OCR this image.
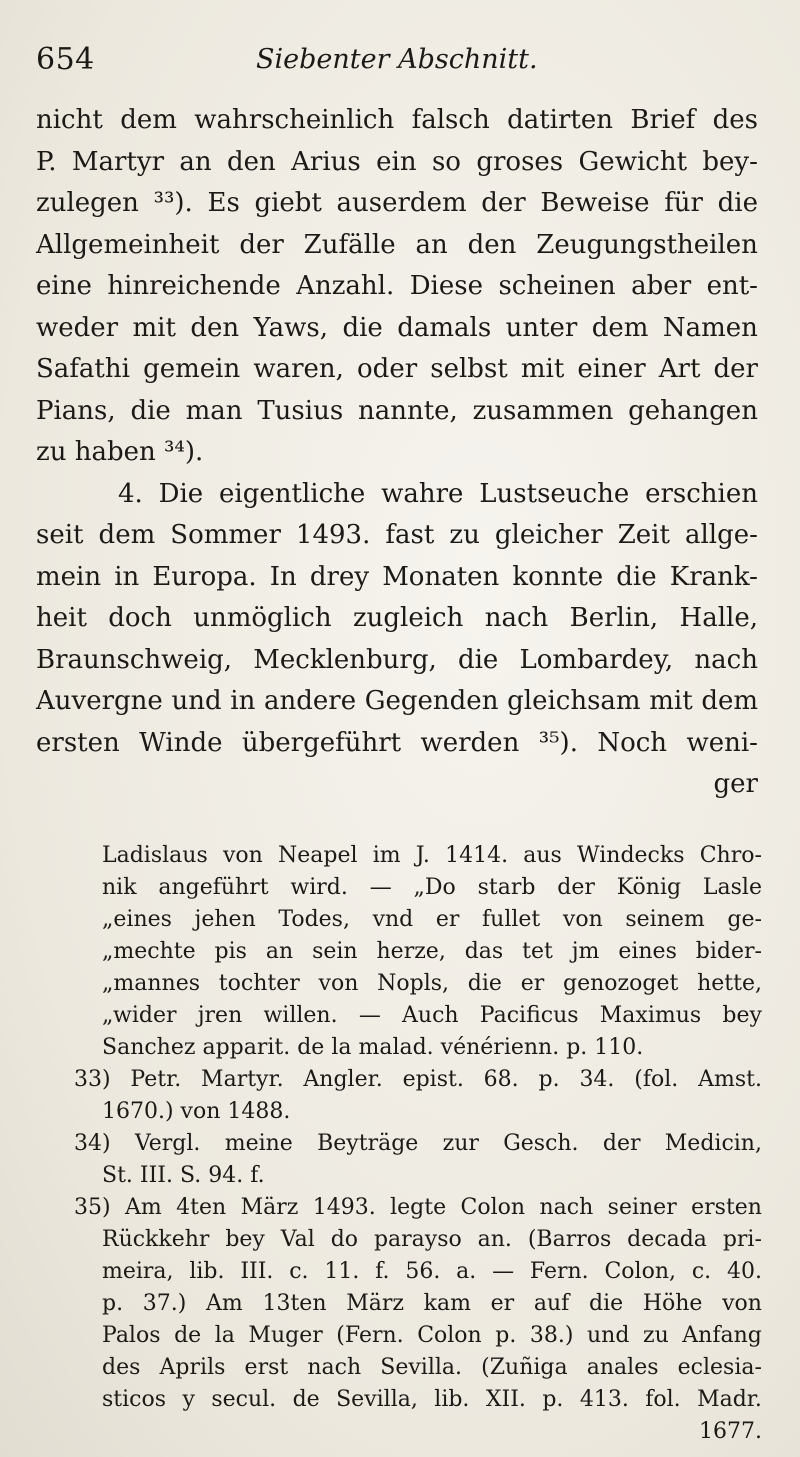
654	Siebenter Abschnitt.
nicht dem wahrscheinlich falsch datirten Brief des
P. Martyr an den Arius ein so groses Gewicht bey-
zulegen ³³). Es giebt auserdem der Beweise für die
Allgemeinheit der Zufälle an den Zeugungstheilen
eine hinreichende Anzahl. Diese scheinen aber ent-
weder mit den Yaws, die damals unter dem Namen
Safathi gemein waren, oder selbst mit einer Art der
Pians, die man Tusius nannte, zusammen gehangen
zu haben ³⁴).
4. Die eigentliche wahre Lustseuche erschien
seit dem Sommer 1493. fast zu gleicher Zeit allge-
mein in Europa. In drey Monaten konnte die Krank-
heit doch unmöglich zugleich nach Berlin, Halle,
Braunschweig, Mecklenburg, die Lombardey, nach
Auvergne und in andere Gegenden gleichsam mit dem
ersten Winde übergeführt werden ³⁵). Noch weni-
ger
Ladislaus von Neapel im J. 1414. aus Windecks Chro-
nik angeführt wird. — „Do starb der König Lasle
„eines jehen Todes, vnd er fullet von seinem ge-
„mechte pis an sein herze, das tet jm eines bider-
„mannes tochter von Nopls, die er genozoget hette,
„wider jren willen. — Auch Pacificus Maximus bey
Sanchez apparit. de la malad. vénérienn. p. 110.
33) Petr. Martyr. Angler. epist. 68. p. 34. (fol. Amst.
1670.) von 1488.
34) Vergl. meine Beyträge zur Gesch. der Medicin,
St. III. S. 94. f.
35) Am 4ten März 1493. legte Colon nach seiner ersten
Rückkehr bey Val do parayso an. (Barros decada pri-
meira, lib. III. c. 11. f. 56. a. — Fern. Colon, c. 40.
p. 37.) Am 13ten März kam er auf die Höhe von
Palos de la Muger (Fern. Colon p. 38.) und zu Anfang
des Aprils erst nach Sevilla. (Zuñiga anales eclesia-
sticos y secul. de Sevilla, lib. XII. p. 413. fol. Madr.
1677.
